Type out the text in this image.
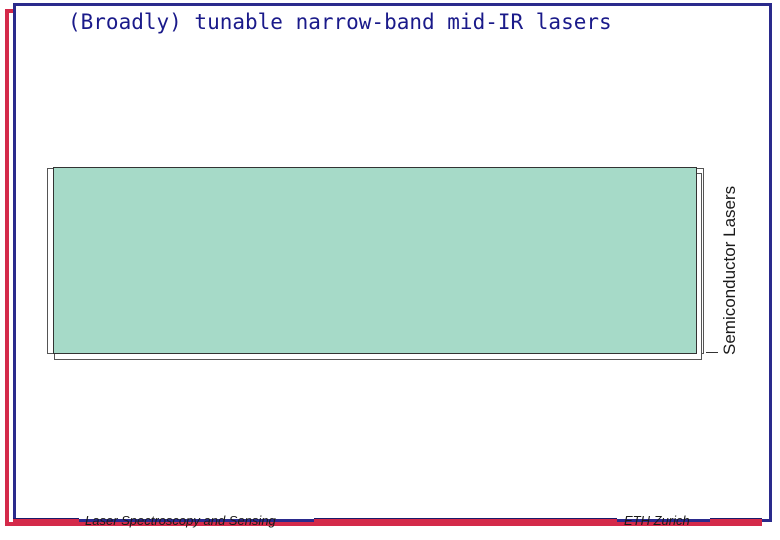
(Broadly) tunable narrow-band mid-IR lasers
Semiconductor Lasers
Laser Spectroscopy and Sensing	ETH Zurich
